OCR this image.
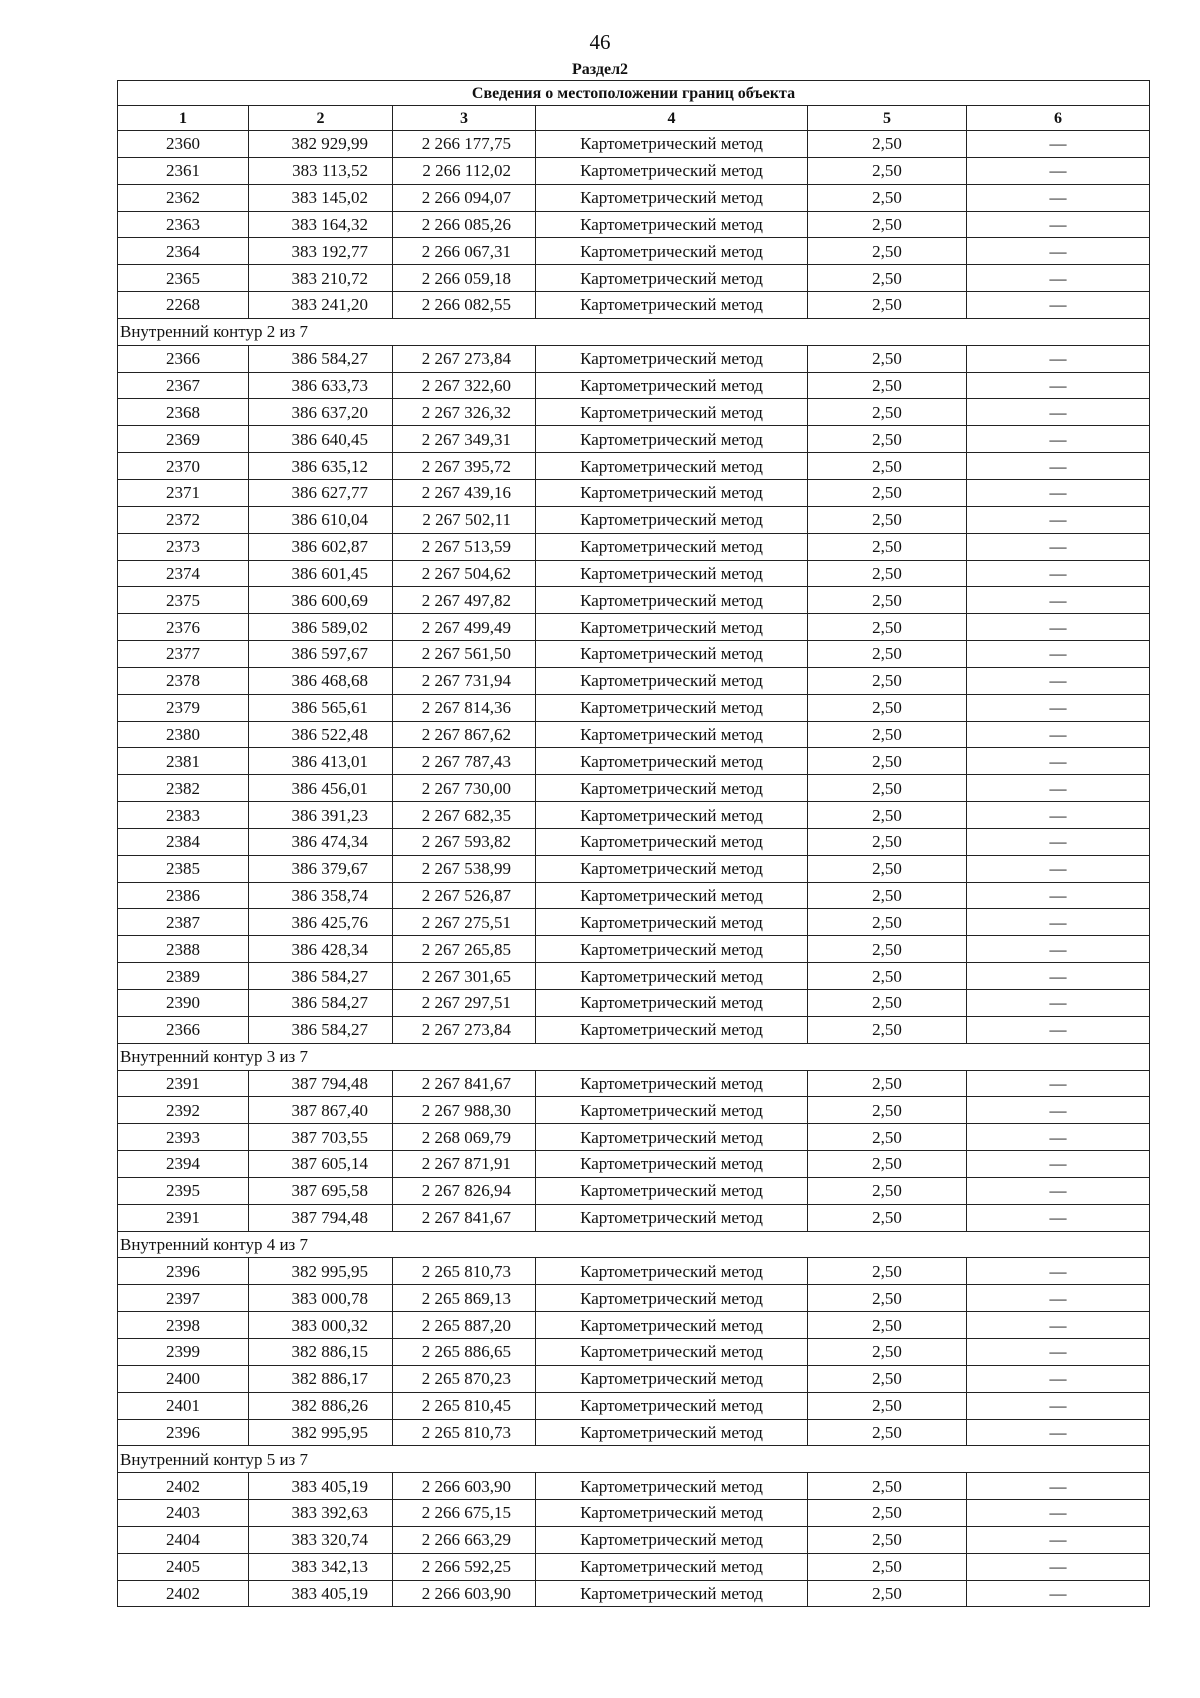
46
Раздел2
Сведения о местоположении границ объекта					
1	2	3	4	5	6
2360	382 929,99	2 266 177,75	Картометрический метод	2,50	—
2361	383 113,52	2 266 112,02	Картометрический метод	2,50	—
2362	383 145,02	2 266 094,07	Картометрический метод	2,50	—
2363	383 164,32	2 266 085,26	Картометрический метод	2,50	—
2364	383 192,77	2 266 067,31	Картометрический метод	2,50	—
2365	383 210,72	2 266 059,18	Картометрический метод	2,50	—
2268	383 241,20	2 266 082,55	Картометрический метод	2,50	—
Внутренний контур 2 из 7					
2366	386 584,27	2 267 273,84	Картометрический метод	2,50	—
2367	386 633,73	2 267 322,60	Картометрический метод	2,50	—
2368	386 637,20	2 267 326,32	Картометрический метод	2,50	—
2369	386 640,45	2 267 349,31	Картометрический метод	2,50	—
2370	386 635,12	2 267 395,72	Картометрический метод	2,50	—
2371	386 627,77	2 267 439,16	Картометрический метод	2,50	—
2372	386 610,04	2 267 502,11	Картометрический метод	2,50	—
2373	386 602,87	2 267 513,59	Картометрический метод	2,50	—
2374	386 601,45	2 267 504,62	Картометрический метод	2,50	—
2375	386 600,69	2 267 497,82	Картометрический метод	2,50	—
2376	386 589,02	2 267 499,49	Картометрический метод	2,50	—
2377	386 597,67	2 267 561,50	Картометрический метод	2,50	—
2378	386 468,68	2 267 731,94	Картометрический метод	2,50	—
2379	386 565,61	2 267 814,36	Картометрический метод	2,50	—
2380	386 522,48	2 267 867,62	Картометрический метод	2,50	—
2381	386 413,01	2 267 787,43	Картометрический метод	2,50	—
2382	386 456,01	2 267 730,00	Картометрический метод	2,50	—
2383	386 391,23	2 267 682,35	Картометрический метод	2,50	—
2384	386 474,34	2 267 593,82	Картометрический метод	2,50	—
2385	386 379,67	2 267 538,99	Картометрический метод	2,50	—
2386	386 358,74	2 267 526,87	Картометрический метод	2,50	—
2387	386 425,76	2 267 275,51	Картометрический метод	2,50	—
2388	386 428,34	2 267 265,85	Картометрический метод	2,50	—
2389	386 584,27	2 267 301,65	Картометрический метод	2,50	—
2390	386 584,27	2 267 297,51	Картометрический метод	2,50	—
2366	386 584,27	2 267 273,84	Картометрический метод	2,50	—
Внутренний контур 3 из 7					
2391	387 794,48	2 267 841,67	Картометрический метод	2,50	—
2392	387 867,40	2 267 988,30	Картометрический метод	2,50	—
2393	387 703,55	2 268 069,79	Картометрический метод	2,50	—
2394	387 605,14	2 267 871,91	Картометрический метод	2,50	—
2395	387 695,58	2 267 826,94	Картометрический метод	2,50	—
2391	387 794,48	2 267 841,67	Картометрический метод	2,50	—
Внутренний контур 4 из 7					
2396	382 995,95	2 265 810,73	Картометрический метод	2,50	—
2397	383 000,78	2 265 869,13	Картометрический метод	2,50	—
2398	383 000,32	2 265 887,20	Картометрический метод	2,50	—
2399	382 886,15	2 265 886,65	Картометрический метод	2,50	—
2400	382 886,17	2 265 870,23	Картометрический метод	2,50	—
2401	382 886,26	2 265 810,45	Картометрический метод	2,50	—
2396	382 995,95	2 265 810,73	Картометрический метод	2,50	—
Внутренний контур 5 из 7					
2402	383 405,19	2 266 603,90	Картометрический метод	2,50	—
2403	383 392,63	2 266 675,15	Картометрический метод	2,50	—
2404	383 320,74	2 266 663,29	Картометрический метод	2,50	—
2405	383 342,13	2 266 592,25	Картометрический метод	2,50	—
2402	383 405,19	2 266 603,90	Картометрический метод	2,50	—
